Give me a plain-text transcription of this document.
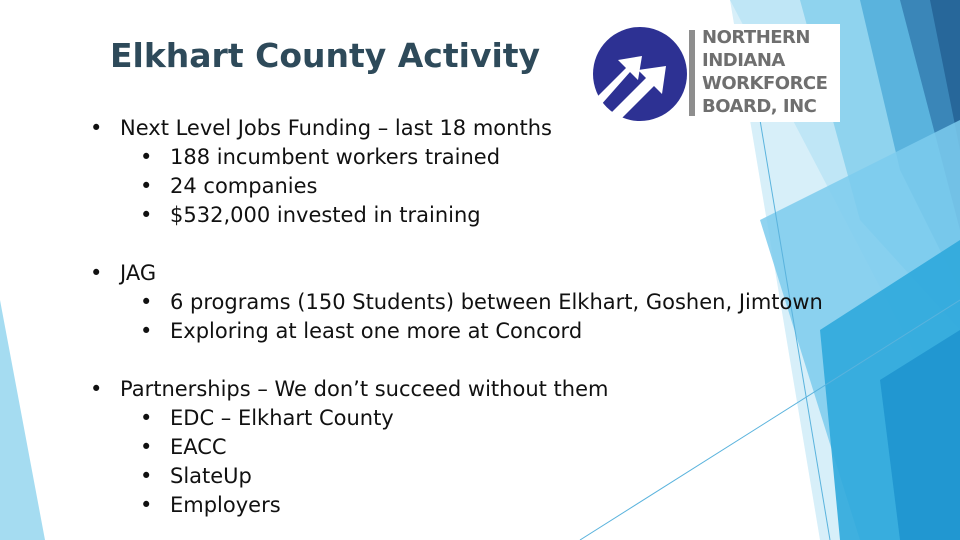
Elkhart County Activity	NORTHERN
INDIANA
WORKFORCE
BOARD, INC
• Next Level Jobs Funding – last 18 months
• 188 incumbent workers trained
• 24 companies
• $532,000 invested in training
• JAG
• 6 programs (150 Students) between Elkhart, Goshen, Jimtown
• Exploring at least one more at Concord
• Partnerships – We don’t succeed without them
• EDC – Elkhart County
• EACC
• SlateUp
• Employers
